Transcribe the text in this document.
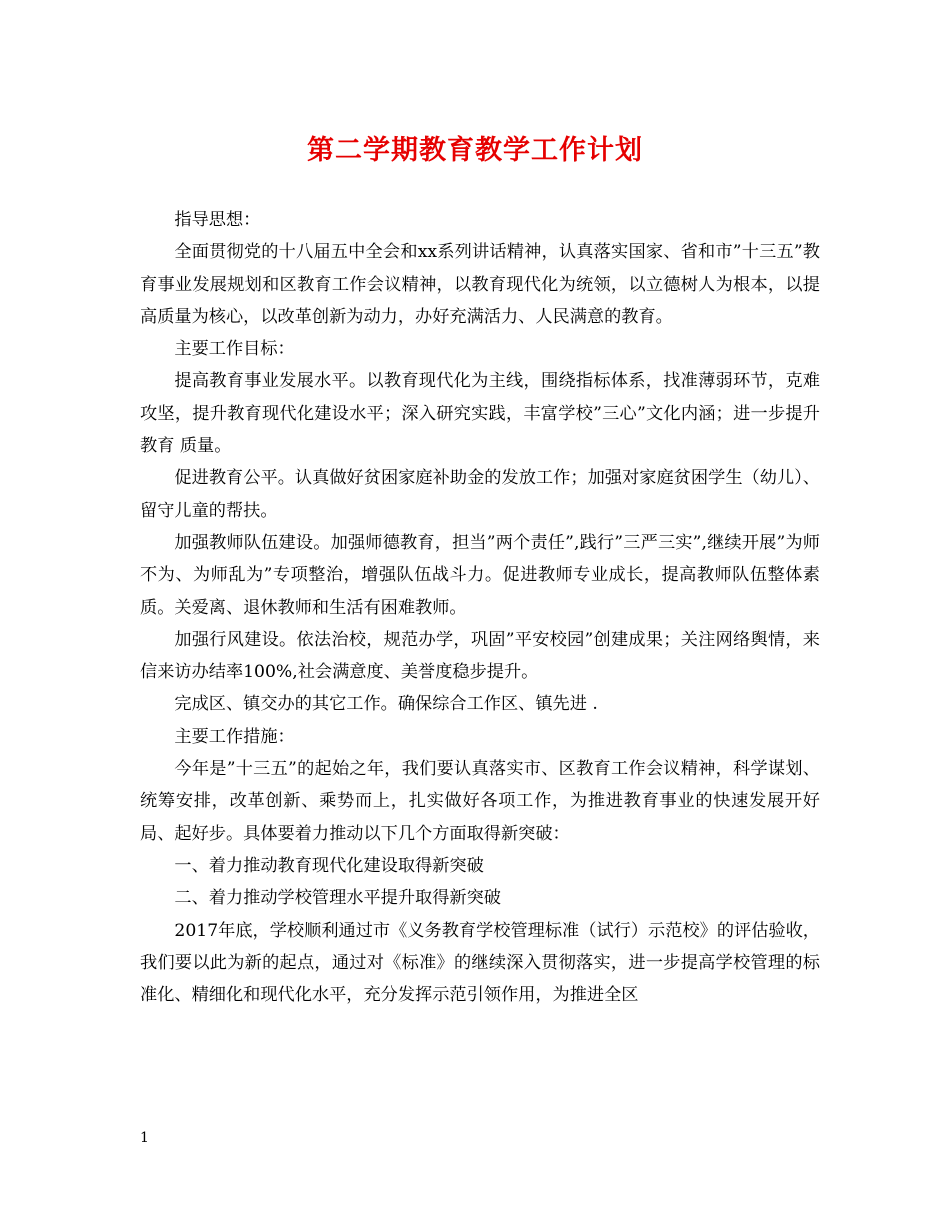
第二学期教育教学工作计划

指导思想：

全面贯彻党的十八届五中全会和xx系列讲话精神，认真落实国家、省和市”十三五”教育事业发展规划和区教育工作会议精神，以教育现代化为统领，以立德树人为根本，以提高质量为核心，以改革创新为动力，办好充满活力、人民满意的教育。

主要工作目标：

提高教育事业发展水平。以教育现代化为主线，围绕指标体系，找准薄弱环节，克难攻坚，提升教育现代化建设水平；深入研究实践，丰富学校”三心”文化内涵；进一步提升教育 质量。

促进教育公平。认真做好贫困家庭补助金的发放工作；加强对家庭贫困学生（幼儿）、留守儿童的帮扶。

加强教师队伍建设。加强师德教育，担当”两个责任”,践行”三严三实”,继续开展”为师不为、为师乱为”专项整治，增强队伍战斗力。促进教师专业成长，提高教师队伍整体素质。关爱离、退休教师和生活有困难教师。

加强行风建设。依法治校，规范办学，巩固”平安校园”创建成果；关注网络舆情，来信来访办结率100%,社会满意度、美誉度稳步提升。

完成区、镇交办的其它工作。确保综合工作区、镇先进 .

主要工作措施：

今年是”十三五”的起始之年，我们要认真落实市、区教育工作会议精神，科学谋划、统筹安排，改革创新、乘势而上，扎实做好各项工作，为推进教育事业的快速发展开好局、起好步。具体要着力推动以下几个方面取得新突破：

一、着力推动教育现代化建设取得新突破

二、着力推动学校管理水平提升取得新突破

2017年底，学校顺利通过市《义务教育学校管理标准（试行）示范校》的评估验收，我们要以此为新的起点，通过对《标准》的继续深入贯彻落实，进一步提高学校管理的标准化、精细化和现代化水平，充分发挥示范引领作用，为推进全区

1
